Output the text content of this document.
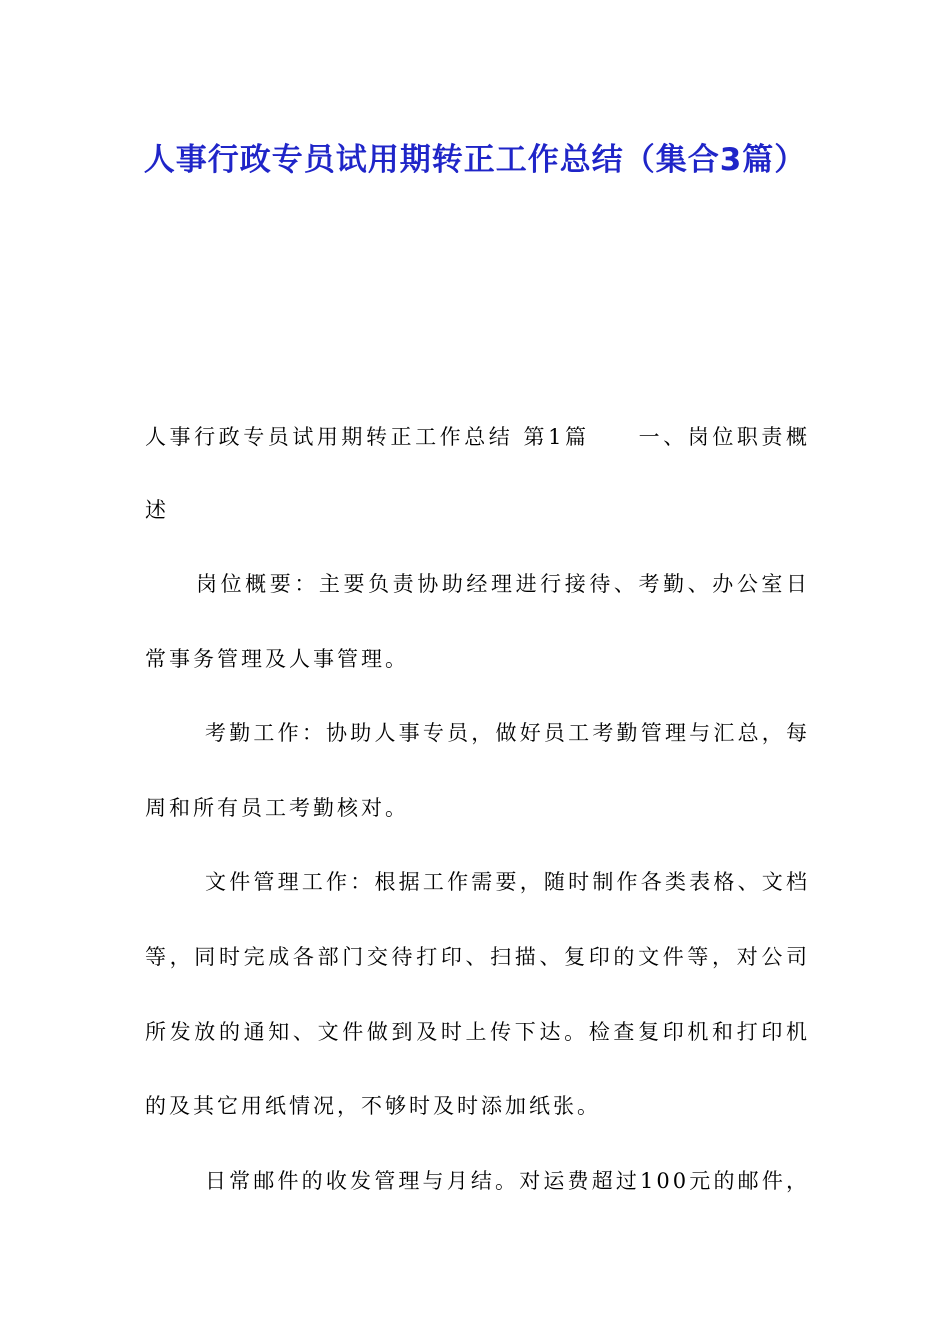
人事行政专员试用期转正工作总结（集合3篇）
人事行政专员试用期转正工作总结 第1篇　　一、岗位职责概
述
岗位概要：主要负责协助经理进行接待、考勤、办公室日
常事务管理及人事管理。
考勤工作：协助人事专员，做好员工考勤管理与汇总，每
周和所有员工考勤核对。
文件管理工作：根据工作需要，随时制作各类表格、文档
等，同时完成各部门交待打印、扫描、复印的文件等，对公司
所发放的通知、文件做到及时上传下达。检查复印机和打印机
的及其它用纸情况，不够时及时添加纸张。
日常邮件的收发管理与月结。对运费超过100元的邮件，
